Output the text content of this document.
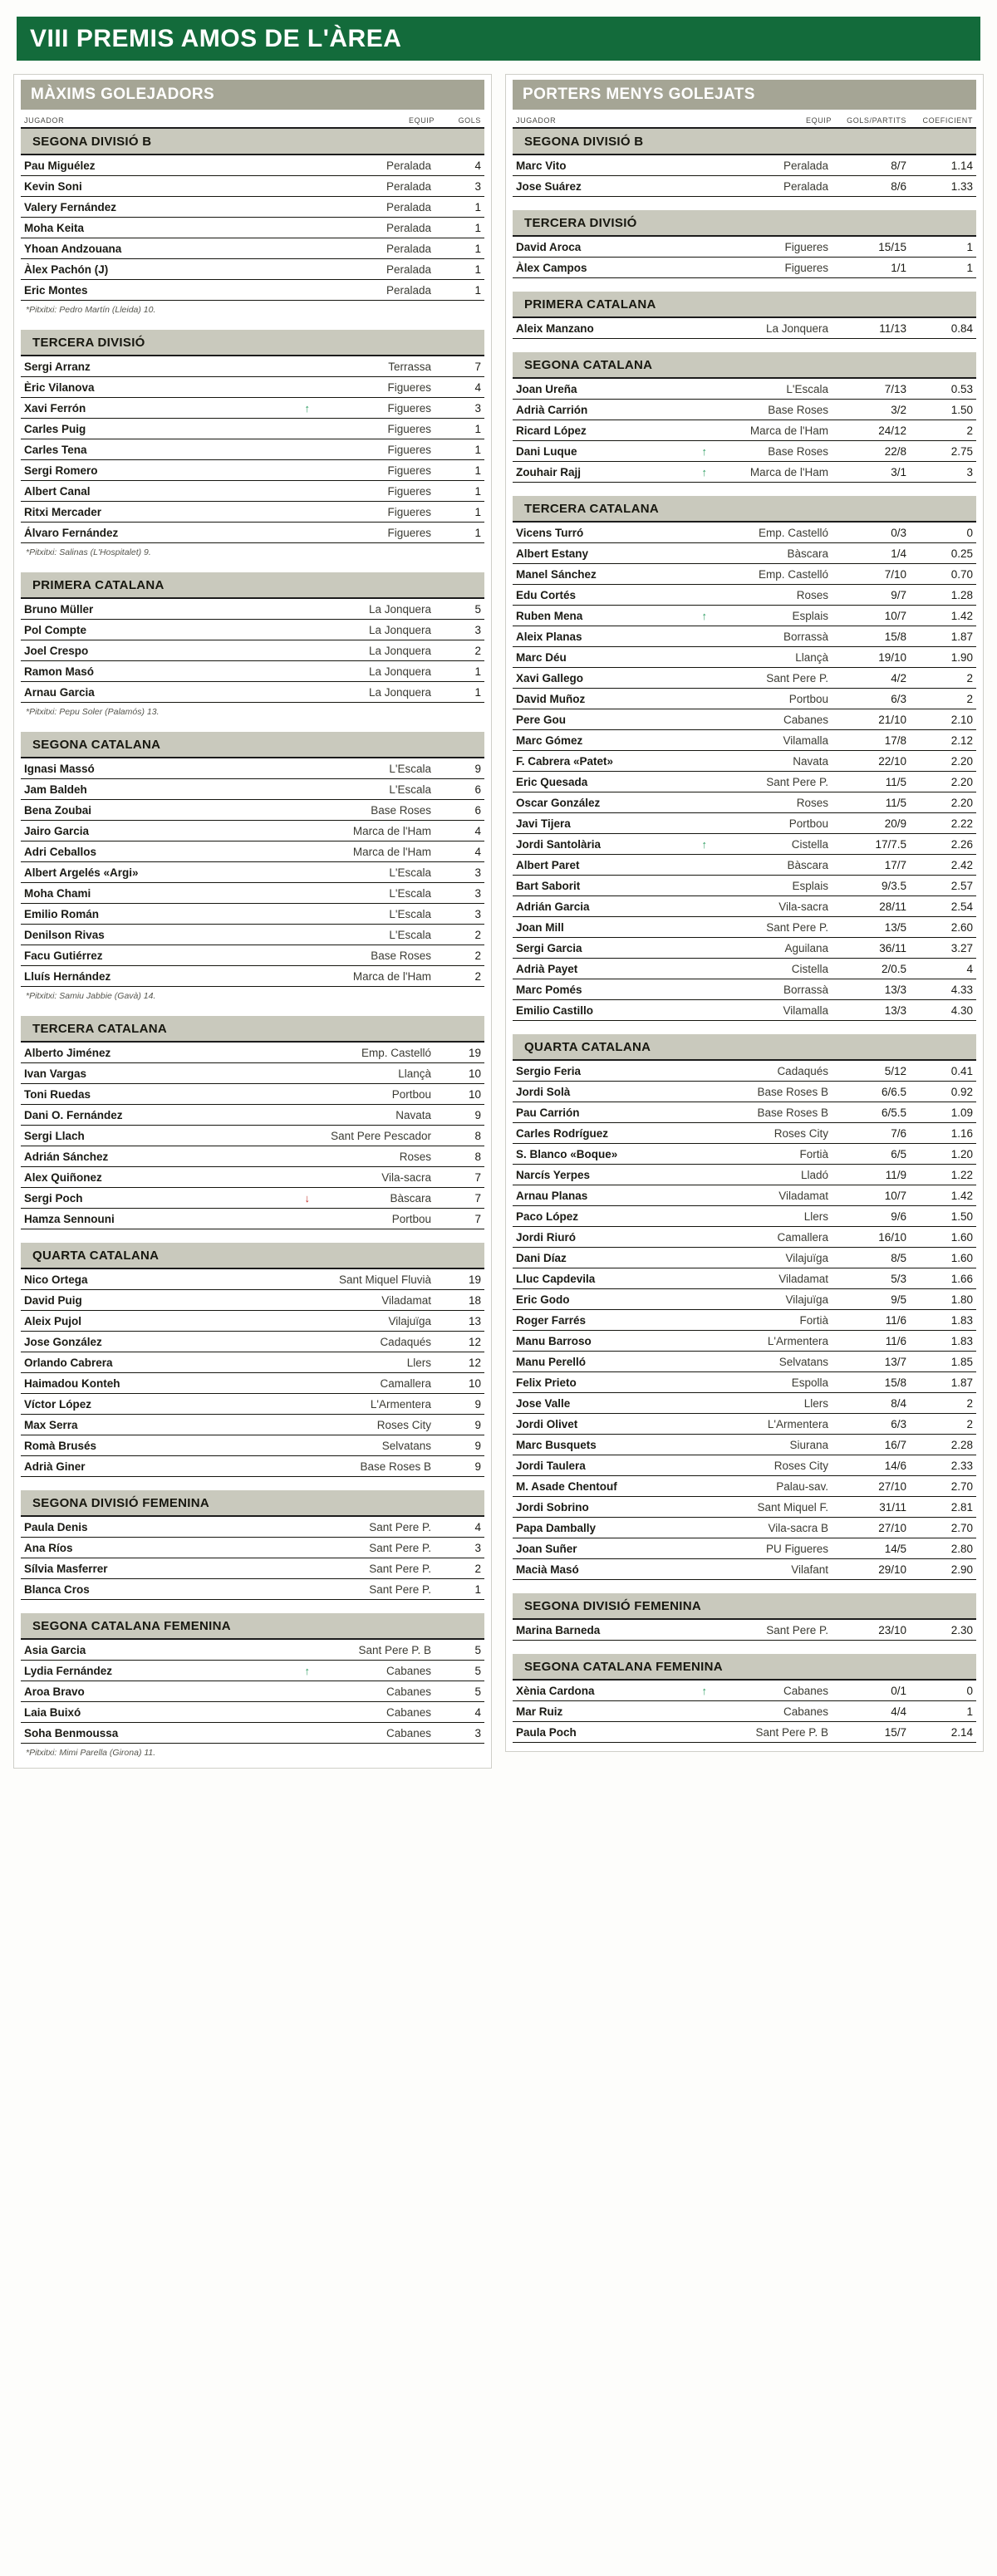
VIII PREMIS AMOS DE L'ÀREA
MÀXIMS GOLEJADORS
JUGADOR	EQUIP	GOLS
SEGONA DIVISIÓ B
Pau Miguélez	Peralada	4
Kevin Soni	Peralada	3
Valery Fernández	Peralada	1
Moha Keita	Peralada	1
Yhoan Andzouana	Peralada	1
Àlex Pachón (J)	Peralada	1
Eric Montes	Peralada	1
*Pitxitxi: Pedro Martín (Lleida) 10.
TERCERA DIVISIÓ
Sergi Arranz	Terrassa	7
Èric Vilanova	Figueres	4
Xavi Ferrón	↑	Figueres	3
Carles Puig	Figueres	1
Carles Tena	Figueres	1
Sergi Romero	Figueres	1
Albert Canal	Figueres	1
Ritxi Mercader	Figueres	1
Álvaro Fernández	Figueres	1
*Pitxitxi: Salinas (L'Hospitalet) 9.
PRIMERA CATALANA
Bruno Müller	La Jonquera	5
Pol Compte	La Jonquera	3
Joel Crespo	La Jonquera	2
Ramon Masó	La Jonquera	1
Arnau Garcia	La Jonquera	1
*Pitxitxi: Pepu Soler (Palamós) 13.
SEGONA CATALANA
Ignasi Massó	L'Escala	9
Jam Baldeh	L'Escala	6
Bena Zoubai	Base Roses	6
Jairo Garcia	Marca de l'Ham	4
Adri Ceballos	Marca de l'Ham	4
Albert Argelés «Argi»	L'Escala	3
Moha Chami	L'Escala	3
Emilio Román	L'Escala	3
Denilson Rivas	L'Escala	2
Facu Gutiérrez	Base Roses	2
Lluís Hernández	Marca de l'Ham	2
*Pitxitxi: Samiu Jabbie (Gavà) 14.
TERCERA CATALANA
Alberto Jiménez	Emp. Castelló	19
Ivan Vargas	Llançà	10
Toni Ruedas	Portbou	10
Dani O. Fernández	Navata	9
Sergi Llach	Sant Pere Pescador	8
Adrián Sánchez	Roses	8
Alex Quiñonez	Vila-sacra	7
Sergi Poch	↓	Bàscara	7
Hamza Sennouni	Portbou	7
QUARTA CATALANA
Nico Ortega	Sant Miquel Fluvià	19
David Puig	Viladamat	18
Aleix Pujol	Vilajuïga	13
Jose González	Cadaqués	12
Orlando Cabrera	Llers	12
Haimadou Konteh	Camallera	10
Víctor López	L'Armentera	9
Max Serra	Roses City	9
Romà Brusés	Selvatans	9
Adrià Giner	Base Roses B	9
SEGONA DIVISIÓ FEMENINA
Paula Denis	Sant Pere P.	4
Ana Ríos	Sant Pere P.	3
Sílvia Masferrer	Sant Pere P.	2
Blanca Cros	Sant Pere P.	1
SEGONA CATALANA FEMENINA
Asia Garcia	Sant Pere P. B	5
Lydia Fernández	↑	Cabanes	5
Aroa Bravo	Cabanes	5
Laia Buixó	Cabanes	4
Soha Benmoussa	Cabanes	3
*Pitxitxi: Mimi Parella (Girona) 11.
PORTERS MENYS GOLEJATS
JUGADOR	EQUIP	GOLS/PARTITS	COEFICIENT
SEGONA DIVISIÓ B
Marc Vito	Peralada	8/7	1.14
Jose Suárez	Peralada	8/6	1.33
TERCERA DIVISIÓ
David Aroca	Figueres	15/15	1
Àlex Campos	Figueres	1/1	1
PRIMERA CATALANA
Aleix Manzano	La Jonquera	11/13	0.84
SEGONA CATALANA
Joan Ureña	L'Escala	7/13	0.53
Adrià Carrión	Base Roses	3/2	1.50
Ricard López	Marca de l'Ham	24/12	2
Dani Luque	↑	Base Roses	22/8	2.75
Zouhair Rajj	↑	Marca de l'Ham	3/1	3
TERCERA CATALANA
Vicens Turró	Emp. Castelló	0/3	0
Albert Estany	Bàscara	1/4	0.25
Manel Sánchez	Emp. Castelló	7/10	0.70
Edu Cortés	Roses	9/7	1.28
Ruben Mena	↑	Esplais	10/7	1.42
Aleix Planas	Borrassà	15/8	1.87
Marc Déu	Llançà	19/10	1.90
Xavi Gallego	Sant Pere P.	4/2	2
David Muñoz	Portbou	6/3	2
Pere Gou	Cabanes	21/10	2.10
Marc Gómez	Vilamalla	17/8	2.12
F. Cabrera «Patet»	Navata	22/10	2.20
Eric Quesada	Sant Pere P.	11/5	2.20
Oscar González	Roses	11/5	2.20
Javi Tijera	Portbou	20/9	2.22
Jordi Santolària	↑	Cistella	17/7.5	2.26
Albert Paret	Bàscara	17/7	2.42
Bart Saborit	Esplais	9/3.5	2.57
Adrián Garcia	Vila-sacra	28/11	2.54
Joan Mill	Sant Pere P.	13/5	2.60
Sergi Garcia	Aguilana	36/11	3.27
Adrià Payet	Cistella	2/0.5	4
Marc Pomés	Borrassà	13/3	4.33
Emilio Castillo	Vilamalla	13/3	4.30
QUARTA CATALANA
Sergio Feria	Cadaqués	5/12	0.41
Jordi Solà	Base Roses B	6/6.5	0.92
Pau Carrión	Base Roses B	6/5.5	1.09
Carles Rodríguez	Roses City	7/6	1.16
S. Blanco «Boque»	Fortià	6/5	1.20
Narcís Yerpes	Lladó	11/9	1.22
Arnau Planas	Viladamat	10/7	1.42
Paco López	Llers	9/6	1.50
Jordi Riuró	Camallera	16/10	1.60
Dani Díaz	Vilajuïga	8/5	1.60
Lluc Capdevila	Viladamat	5/3	1.66
Eric Godo	Vilajuïga	9/5	1.80
Roger Farrés	Fortià	11/6	1.83
Manu Barroso	L'Armentera	11/6	1.83
Manu Perelló	Selvatans	13/7	1.85
Felix Prieto	Espolla	15/8	1.87
Jose Valle	Llers	8/4	2
Jordi Olivet	L'Armentera	6/3	2
Marc Busquets	Siurana	16/7	2.28
Jordi Taulera	Roses City	14/6	2.33
M. Asade Chentouf	Palau-sav.	27/10	2.70
Jordi Sobrino	Sant Miquel F.	31/11	2.81
Papa Dambally	Vila-sacra B	27/10	2.70
Joan Suñer	PU Figueres	14/5	2.80
Macià Masó	Vilafant	29/10	2.90
SEGONA DIVISIÓ FEMENINA
Marina Barneda	Sant Pere P.	23/10	2.30
SEGONA CATALANA FEMENINA
Xènia Cardona	↑	Cabanes	0/1	0
Mar Ruiz	Cabanes	4/4	1
Paula Poch	Sant Pere P. B	15/7	2.14
